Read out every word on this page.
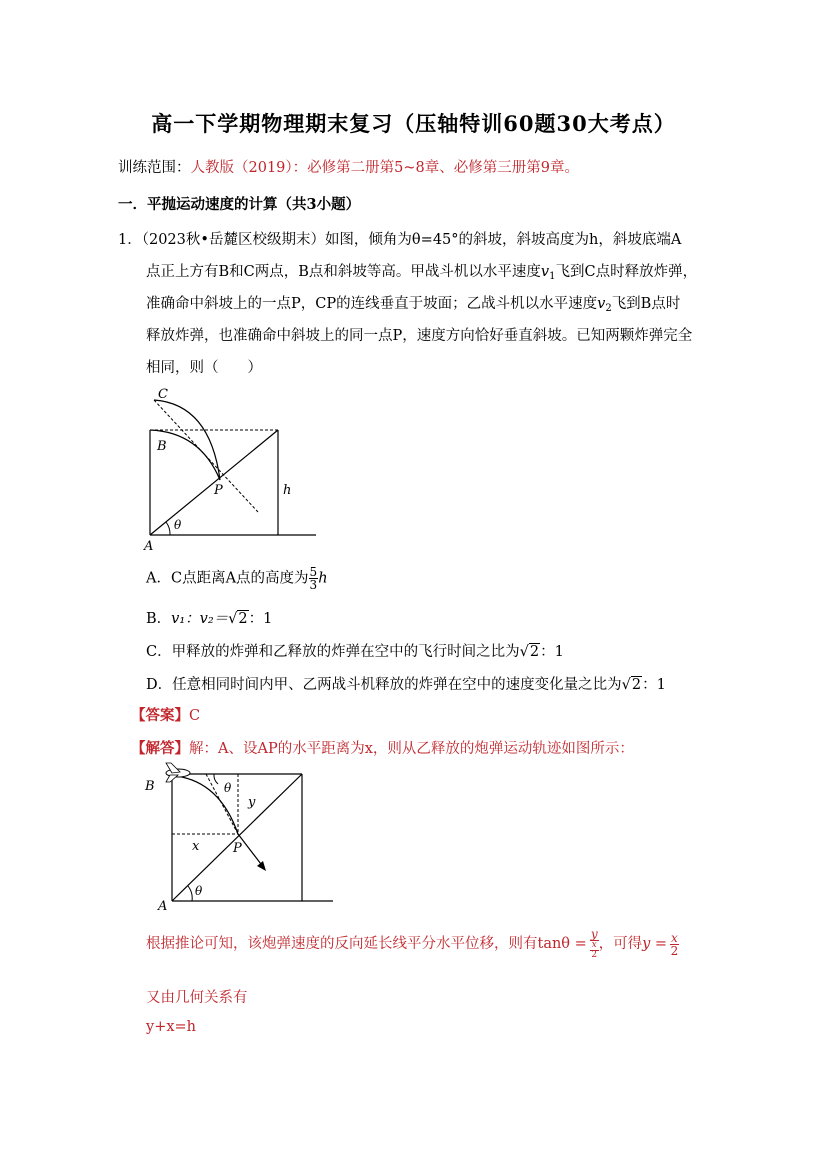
高一下学期物理期末复习（压轴特训60题30大考点）
训练范围：人教版（2019）：必修第二册第5~8章、必修第三册第9章。
一．平抛运动速度的计算（共3小题）
1．（2023秋•岳麓区校级期末）如图，倾角为θ=45°的斜坡，斜坡高度为h，斜坡底端A
点正上方有B和C两点，B点和斜坡等高。甲战斗机以水平速度$v_1$飞到C点时释放炸弹，
准确命中斜坡上的一点P，CP的连线垂直于坡面；乙战斗机以水平速度$v_2$飞到B点时
释放炸弹，也准确命中斜坡上的同一点P，速度方向恰好垂直斜坡。已知两颗炸弹完全
相同，则（　　）
C
B
P	h
θ
A
A．C点距离A点的高度为 $\frac{5}{3}$ h
B．v₁：v₂＝√2：1
C．甲释放的炸弹和乙释放的炸弹在空中的飞行时间之比为√2：1
D．任意相同时间内甲、乙两战斗机释放的炸弹在空中的速度变化量之比为√2：1
【答案】C
【解答】解：A、设AP的水平距离为x，则从乙释放的炮弹运动轨迹如图所示：
B	θ
y
x	P
θ
A
根据推论可知，该炮弹速度的反向延长线平分水平位移，则有tanθ = y
x
2 ，可得$y = \frac{x}{2}$
又由几何关系有
y+x=h
